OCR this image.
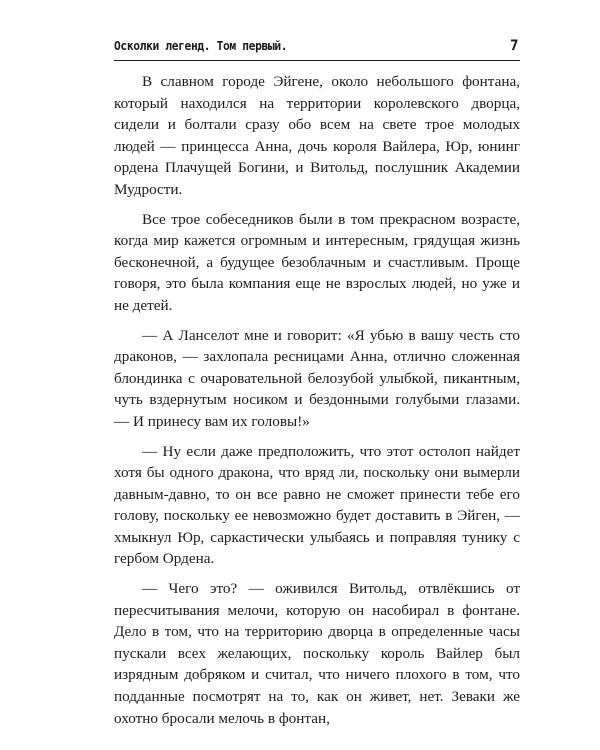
Осколки легенд. Том первый.	7

В славном городе Эйгене, около небольшого фонтана, который находился на территории королевского дворца, сидели и болтали сразу обо всем на свете трое молодых людей — принцесса Анна, дочь короля Вайлера, Юр, юнинг ордена Плачущей Богини, и Витольд, послушник Академии Мудрости.

Все трое собеседников были в том прекрасном возрасте, когда мир кажется огромным и интересным, грядущая жизнь бесконечной, а будущее безоблачным и счастливым. Проще говоря, это была компания еще не взрослых людей, но уже и не детей.

— А Ланселот мне и говорит: «Я убью в вашу честь сто драконов, — захлопала ресницами Анна, отлично сложенная блондинка с очаровательной белозубой улыбкой, пикантным, чуть вздернутым носиком и бездонными голубыми глазами. — И принесу вам их головы!»

— Ну если даже предположить, что этот остолоп найдет хотя бы одного дракона, что вряд ли, поскольку они вымерли давным-давно, то он все равно не сможет принести тебе его голову, поскольку ее невозможно будет доставить в Эйген, — хмыкнул Юр, саркастически улыбаясь и поправляя тунику с гербом Ордена.

— Чего это? — оживился Витольд, отвлёкшись от пересчитывания мелочи, которую он насобирал в фонтане. Дело в том, что на территорию дворца в определенные часы пускали всех желающих, поскольку король Вайлер был изрядным добряком и считал, что ничего плохого в том, что подданные посмотрят на то, как он живет, нет. Зеваки же охотно бросали мелочь в фонтан,
